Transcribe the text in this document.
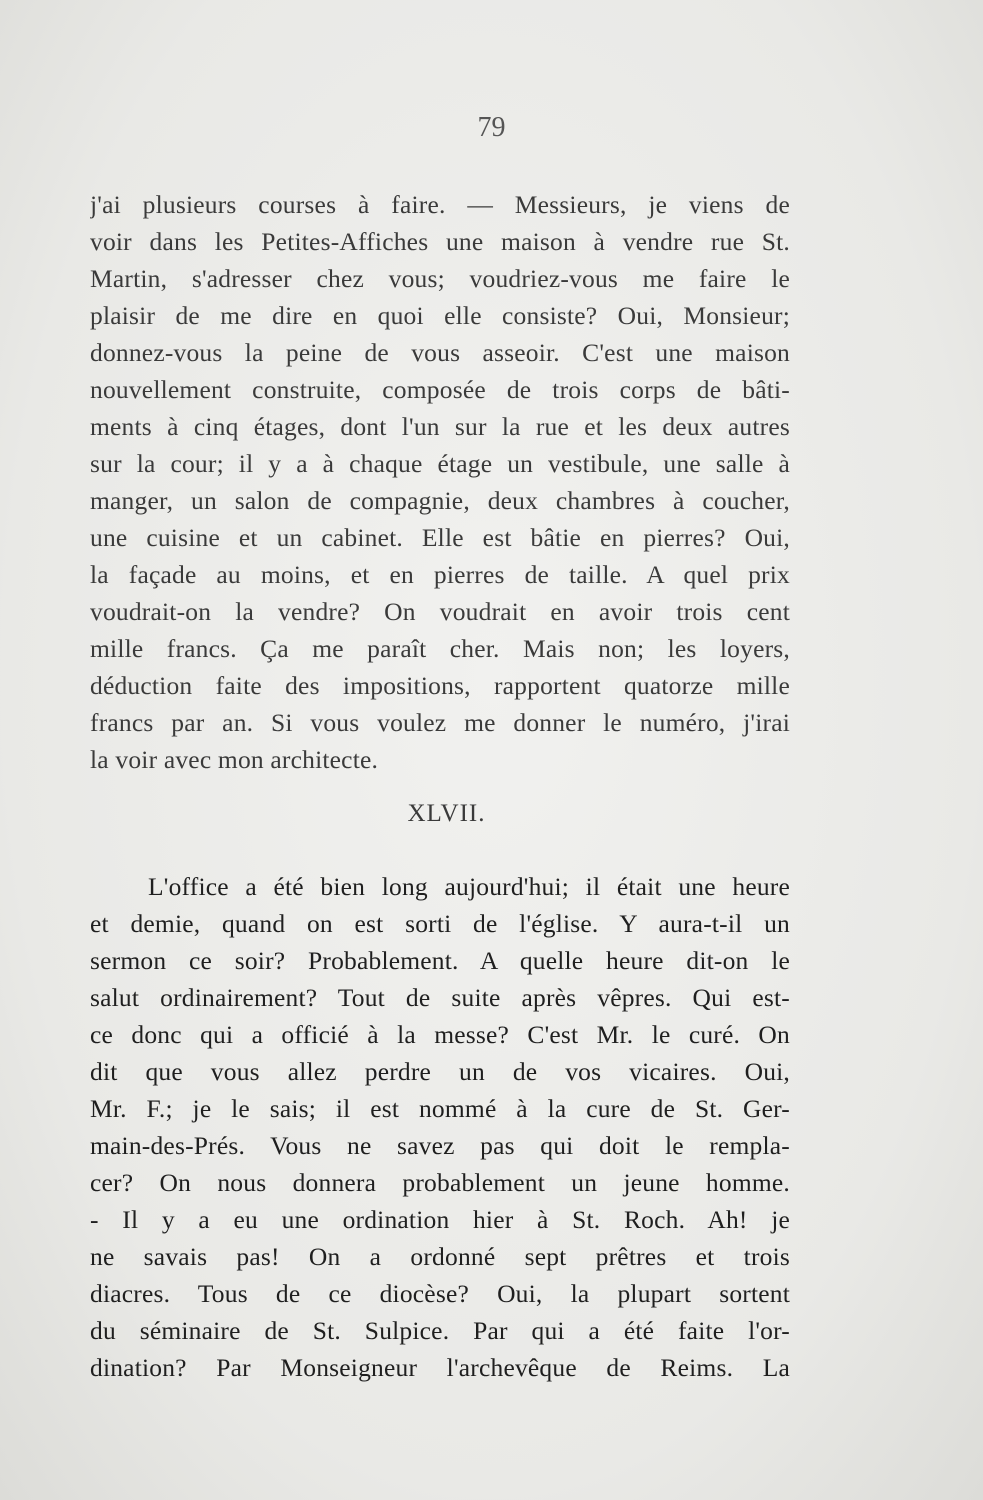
79
j'ai plusieurs courses à faire. — Messieurs, je viens de
voir dans les Petites-Affiches une maison à vendre rue St.
Martin, s'adresser chez vous; voudriez-vous me faire le
plaisir de me dire en quoi elle consiste? Oui, Monsieur;
donnez-vous la peine de vous asseoir. C'est une maison
nouvellement construite, composée de trois corps de bâti-
ments à cinq étages, dont l'un sur la rue et les deux autres
sur la cour; il y a à chaque étage un vestibule, une salle à
manger, un salon de compagnie, deux chambres à coucher,
une cuisine et un cabinet. Elle est bâtie en pierres? Oui,
la façade au moins, et en pierres de taille. A quel prix
voudrait-on la vendre? On voudrait en avoir trois cent
mille francs. Ça me paraît cher. Mais non; les loyers,
déduction faite des impositions, rapportent quatorze mille
francs par an. Si vous voulez me donner le numéro, j'irai
la voir avec mon architecte.
XLVII.
L'office a été bien long aujourd'hui; il était une heure
et demie, quand on est sorti de l'église. Y aura-t-il un
sermon ce soir? Probablement. A quelle heure dit-on le
salut ordinairement? Tout de suite après vêpres. Qui est-
ce donc qui a officié à la messe? C'est Mr. le curé. On
dit que vous allez perdre un de vos vicaires. Oui,
Mr. F.; je le sais; il est nommé à la cure de St. Ger-
main-des-Prés. Vous ne savez pas qui doit le rempla-
cer? On nous donnera probablement un jeune homme.
- Il y a eu une ordination hier à St. Roch. Ah! je
ne savais pas! On a ordonné sept prêtres et trois
diacres. Tous de ce diocèse? Oui, la plupart sortent
du séminaire de St. Sulpice. Par qui a été faite l'or-
dination? Par Monseigneur l'archevêque de Reims. La
